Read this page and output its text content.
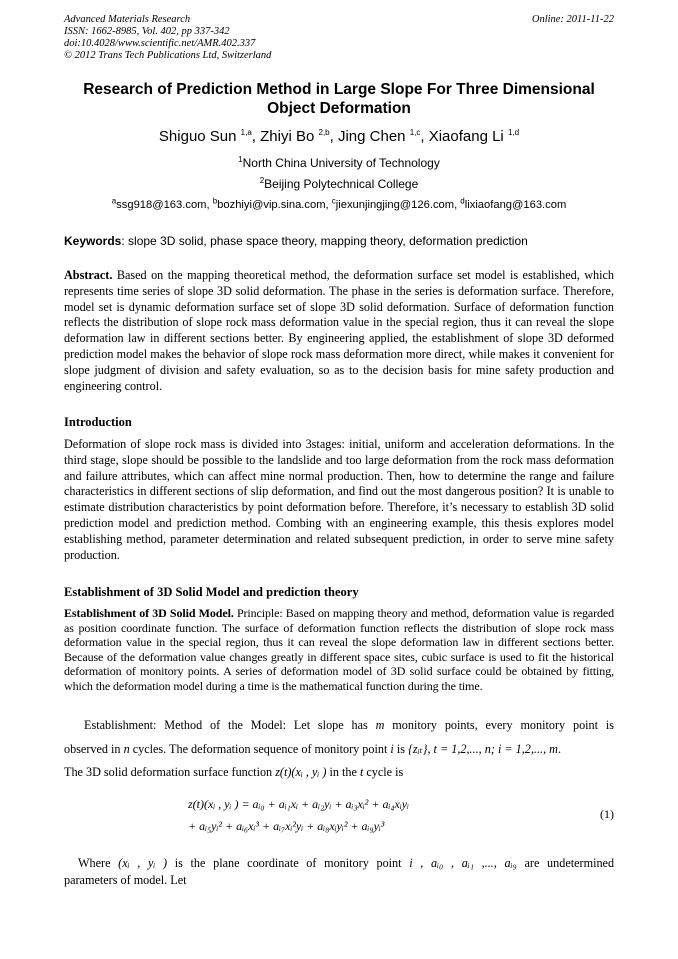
Advanced Materials Research
ISSN: 1662-8985, Vol. 402, pp 337-342
doi:10.4028/www.scientific.net/AMR.402.337
© 2012 Trans Tech Publications Ltd, Switzerland
Online: 2011-11-22
Research of Prediction Method in Large Slope For Three Dimensional Object Deformation
Shiguo Sun $^{1,a}$, Zhiyi Bo $^{2,b}$, Jing Chen $^{1,c}$, Xiaofang Li $^{1,d}$
$^1$North China University of Technology
$^2$Beijing Polytechnical College
$^a$ssg918@163.com, $^b$bozhiyi@vip.sina.com, $^c$jiexunjingjing@126.com, $^d$lixiaofang@163.com
Keywords: slope 3D solid, phase space theory, mapping theory, deformation prediction
Abstract. Based on the mapping theoretical method, the deformation surface set model is established, which represents time series of slope 3D solid deformation. The phase in the series is deformation surface. Therefore, model set is dynamic deformation surface set of slope 3D solid deformation. Surface of deformation function reflects the distribution of slope rock mass deformation value in the special region, thus it can reveal the slope deformation law in different sections better. By engineering applied, the establishment of slope 3D deformed prediction model makes the behavior of slope rock mass deformation more direct, while makes it convenient for slope judgment of division and safety evaluation, so as to the decision basis for mine safety production and engineering control.
Introduction
Deformation of slope rock mass is divided into 3stages: initial, uniform and acceleration deformations. In the third stage, slope should be possible to the landslide and too large deformation from the rock mass deformation and failure attributes, which can affect mine normal production. Then, how to determine the range and failure characteristics in different sections of slip deformation, and find out the most dangerous position? It is unable to estimate distribution characteristics by point deformation before. Therefore, it’s necessary to establish 3D solid prediction model and prediction method. Combing with an engineering example, this thesis explores model establishing method, parameter determination and related subsequent prediction, in order to serve mine safety production.
Establishment of 3D Solid Model and prediction theory
Establishment of 3D Solid Model. Principle: Based on mapping theory and method, deformation value is regarded as position coordinate function. The surface of deformation function reflects the distribution of slope rock mass deformation value in the special region, thus it can reveal the slope deformation law in different sections better. Because of the deformation value changes greatly in different space sites, cubic surface is used to fit the historical deformation of monitory points. A series of deformation model of 3D solid surface could be obtained by fitting, which the deformation model during a time is the mathematical function during the time.
Establishment: Method of the Model: Let slope has m monitory points, every monitory point is
observed in n cycles. The deformation sequence of monitory point i is {zᵢₜ}, t = 1,2,..., n; i = 1,2,..., m.
The 3D solid deformation surface function z(t)(xᵢ , yᵢ ) in the t cycle is
z(t)(xᵢ , yᵢ ) = aᵢ₀ + aᵢ₁xᵢ + aᵢ₂yᵢ + aᵢ₃xᵢ² + aᵢ₄xᵢyᵢ
+ aᵢ₅yᵢ² + aᵢ₆xᵢ³ + aᵢ₇xᵢ²yᵢ + aᵢ₈xᵢyᵢ² + aᵢ₉yᵢ³
(1)
Where (xᵢ , yᵢ ) is the plane coordinate of monitory point i , aᵢ₀ , aᵢ₁ ,..., aᵢ₉ are undetermined
parameters of model. Let
